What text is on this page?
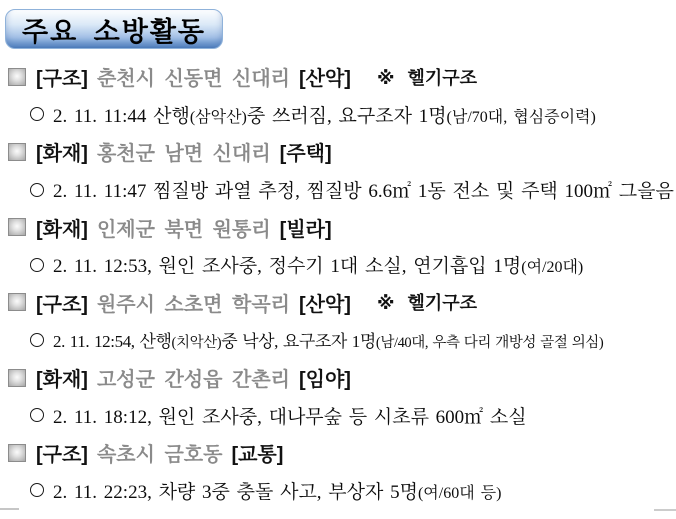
주요 소방활동
[구조] 춘천시 신동면 신대리 [산악] ※ 헬기구조
2. 11. 11:44 산행(삼악산)중 쓰러짐, 요구조자 1명(남/70대, 협심증이력)
[화재] 홍천군 남면 신대리 [주택]
2. 11. 11:47 찜질방 과열 추정, 찜질방 6.6㎡ 1동 전소 및 주택 100㎡ 그을음
[화재] 인제군 북면 원통리 [빌라]
2. 11. 12:53, 원인 조사중, 정수기 1대 소실, 연기흡입 1명(여/20대)
[구조] 원주시 소초면 학곡리 [산악] ※ 헬기구조
2. 11. 12:54, 산행(치악산)중 낙상, 요구조자 1명(남/40대, 우측 다리 개방성 골절 의심)
[화재] 고성군 간성읍 간촌리 [임야]
2. 11. 18:12, 원인 조사중, 대나무숲 등 시초류 600㎡ 소실
[구조] 속초시 금호동 [교통]
2. 11. 22:23, 차량 3중 충돌 사고, 부상자 5명(여/60대 등)
